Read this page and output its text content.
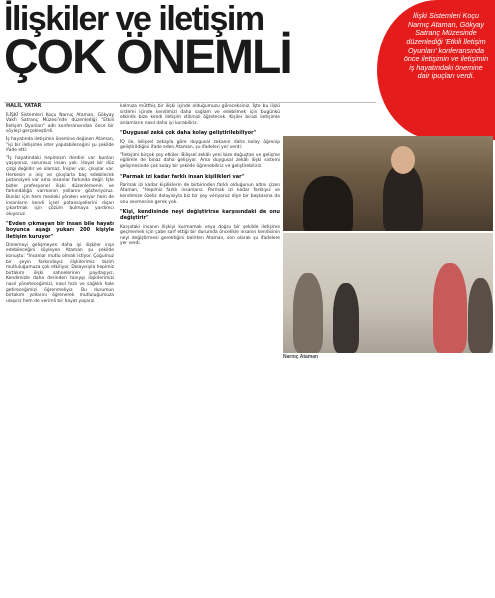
İlişkiler ve iletişim
ÇOK ÖNEMLİ
İlişki Sistemleri Koçu Narnıç Ataman, Gökyay Satranç Müzesinde düzenlediği 'Etkili İletişim Oyunları' konferansında önce iletişimin ve iletişimin iş hayatındaki önemine dair ipuçları verdi.

HALİL YATAR

İLİŞKİ Sistemleri Koçu Narnıç Ataman, Gökyay Vakfı Satranç Müzesi'nde düzenlediği "Etkili İletişim Oyunları" adlı konferansından önce bir söyleşi gerçekleştirdi.

İş hayatında iletişimin önemine değinen Ataman, "işi bir iletişimle ister yapılabileceğini şu şekilde ifade etti:

"İş hayatındaki hepimizin derdini var bunları yaşıyoruz, sorunsuz insan yok. Hayat bir düz çizgi değildir ve olamaz. İnişler var, çıkışlar var. Herkesin o iniş ve çıkışlarla baş edebilecek potansiyeli var ama insanlar farkında değil. İşte bizler profesyonel ilişki düzenlemenin ve farkındalığa varmanın yollarını gösteriyoruz. Bunlar için hem mesleki yönden veriyor hem de insanların kendi içsel potansiyellerini dışarı çıkartmak için çözüm bulmaya yardımcı oluyoruz.

"Evden çıkmayan bir insan bile hayatı boyunca aşağı yukarı 200 kişiyle iletişim kuruyor"

Dinlemeyi gelişmeyen daha iyi ilişkiler inşa edebileceğini söyleyen Ataman şu şekilde konuştu: "İnsanlar mutlu olmak istiyor. Çoğumuz bir şeyin farkındayız ilişkilerimiz bizim mutluluğumuza çok etkiliyor. Dolayısıyla hepimiz birtakım ilişki sahnelerinin paydaşıyız. Kendimizle daha derinden tanıyıp ilişkilerimizi nasıl yöneteceğimizi, nasıl hızlı ve sağlıklı hale getireceğimizi öğrenmeliyiz. Bu durumun birtakım yollarını öğrenerek mutluluğumuza ulaşırız hem de verimli bir hayat yaşarız.

kalmıza mütthiş bir ilişki içinde olduğumuzu göreceksiniz. İşte bu ilişki sistemi içinde kendimizi daha sağlam ve edebilmek için bugünkü etkinlik bize kendi iletişim stilimizi öğretecek. Kişiler birazi iletişimle anlamların nasıl daha iyi kurabiliriz.

"Duygusal zekâ çok daha kolay geliştirilebiliyor"

İQ ile, bilişsel zekayla göre duygusal zekanın daha kolay öğrenip geliştirildiğini ifade eden Ataman, şu ifadeleri yer verdi:

"İletişimi birçok şey etkiler. Bilişsel zekâlı yeni bize doğuştan ve gelişme eğilimle de binaz daha gelişiyor. Ama duygusal zekâlı ilişki sistemi gelişmesinde çok kolay bir şekilde öğrenebiliriz ve geliştirebiliriz.

"Parmak izi kadar farklı insan kişilikleri var"

Parmak izi kadar kişiliklerin de birbirinden farklı olduğunun altını çizen Ataman, "Hepimiz farklı insanlarız. Parmak izi kadar farklıyız ve kendimize özeliz dolayısıyla biz bir şey veriyoruz diye bir başkasına da onu sevmesine gerek yok.

"Kişi, kendisinde neyi değiştirirse karşısındaki de onu değiştirir"

Karşıdaki insanın ilişkiyi kurmamak veya doğru bir şekilde iletişime geçmemek için çabe sarf ettiği bir durumda öncelikle insanın kendisinin neyi değiştirmesi gerektiğini belirten Ataman, son olarak şu ifadelere yer verdi.

Narnıç Ataman
